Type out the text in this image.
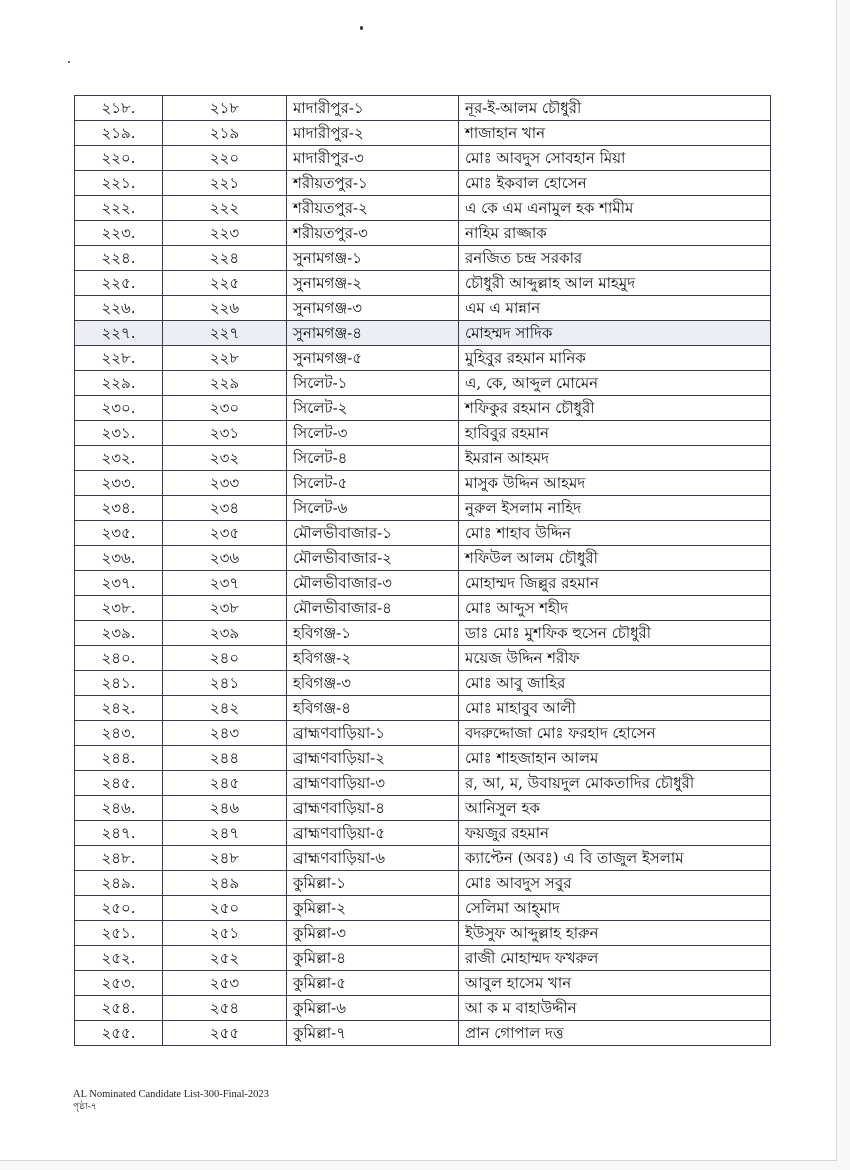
২১৮.	২১৮	মাদারীপুর-১	নূর-ই-আলম চৌধুরী
২১৯.	২১৯	মাদারীপুর-২	শাজাহান খান
২২০.	২২০	মাদারীপুর-৩	মোঃ আবদুস সোবহান মিয়া
২২১.	২২১	শরীয়তপুর-১	মোঃ ইকবাল হোসেন
২২২.	২২২	শরীয়তপুর-২	এ কে এম এনামুল হক শামীম
২২৩.	২২৩	শরীয়তপুর-৩	নাহিম রাজ্জাক
২২৪.	২২৪	সুনামগঞ্জ-১	রনজিত চন্দ্র সরকার
২২৫.	২২৫	সুনামগঞ্জ-২	চৌধুরী আব্দুল্লাহ আল মাহমুদ
২২৬.	২২৬	সুনামগঞ্জ-৩	এম এ মান্নান
২২৭.	২২৭	সুনামগঞ্জ-৪	মোহম্মদ সাদিক
২২৮.	২২৮	সুনামগঞ্জ-৫	মুহিবুর রহমান মানিক
২২৯.	২২৯	সিলেট-১	এ, কে, আব্দুল মোমেন
২৩০.	২৩০	সিলেট-২	শফিকুর রহমান চৌধুরী
২৩১.	২৩১	সিলেট-৩	হাবিবুর রহমান
২৩২.	২৩২	সিলেট-৪	ইমরান আহমদ
২৩৩.	২৩৩	সিলেট-৫	মাসুক উদ্দিন আহমদ
২৩৪.	২৩৪	সিলেট-৬	নুরুল ইসলাম নাহিদ
২৩৫.	২৩৫	মৌলভীবাজার-১	মোঃ শাহাব উদ্দিন
২৩৬.	২৩৬	মৌলভীবাজার-২	শফিউল আলম চৌধুরী
২৩৭.	২৩৭	মৌলভীবাজার-৩	মোহাম্মদ জিল্লুর রহমান
২৩৮.	২৩৮	মৌলভীবাজার-৪	মোঃ আব্দুস শহীদ
২৩৯.	২৩৯	হবিগঞ্জ-১	ডাঃ মোঃ মুশফিক হুসেন চৌধুরী
২৪০.	২৪০	হবিগঞ্জ-২	ময়েজ উদ্দিন শরীফ
২৪১.	২৪১	হবিগঞ্জ-৩	মোঃ আবু জাহির
২৪২.	২৪২	হবিগঞ্জ-৪	মোঃ মাহাবুব আলী
২৪৩.	২৪৩	ব্রাহ্মণবাড়িয়া-১	বদরুদ্দোজা মোঃ ফরহাদ হোসেন
২৪৪.	২৪৪	ব্রাহ্মণবাড়িয়া-২	মোঃ শাহজাহান আলম
২৪৫.	২৪৫	ব্রাহ্মণবাড়িয়া-৩	র, আ, ম, উবায়দুল মোকতাদির চৌধুরী
২৪৬.	২৪৬	ব্রাহ্মণবাড়িয়া-৪	আনিসুল হক
২৪৭.	২৪৭	ব্রাহ্মণবাড়িয়া-৫	ফয়জুর রহমান
২৪৮.	২৪৮	ব্রাহ্মণবাড়িয়া-৬	ক্যাপ্টেন (অবঃ) এ বি তাজুল ইসলাম
২৪৯.	২৪৯	কুমিল্লা-১	মোঃ আবদুস সবুর
২৫০.	২৫০	কুমিল্লা-২	সেলিমা আহ্‌মাদ
২৫১.	২৫১	কুমিল্লা-৩	ইউসুফ আব্দুল্লাহ হারুন
২৫২.	২৫২	কুমিল্লা-৪	রাজী মোহাম্মদ ফখরুল
২৫৩.	২৫৩	কুমিল্লা-৫	আবুল হাসেম খান
২৫৪.	২৫৪	কুমিল্লা-৬	আ ক ম বাহাউদ্দীন
২৫৫.	২৫৫	কুমিল্লা-৭	প্রান গোপাল দত্ত
AL Nominated Candidate List-300-Final-2023
পৃষ্ঠা-৭
